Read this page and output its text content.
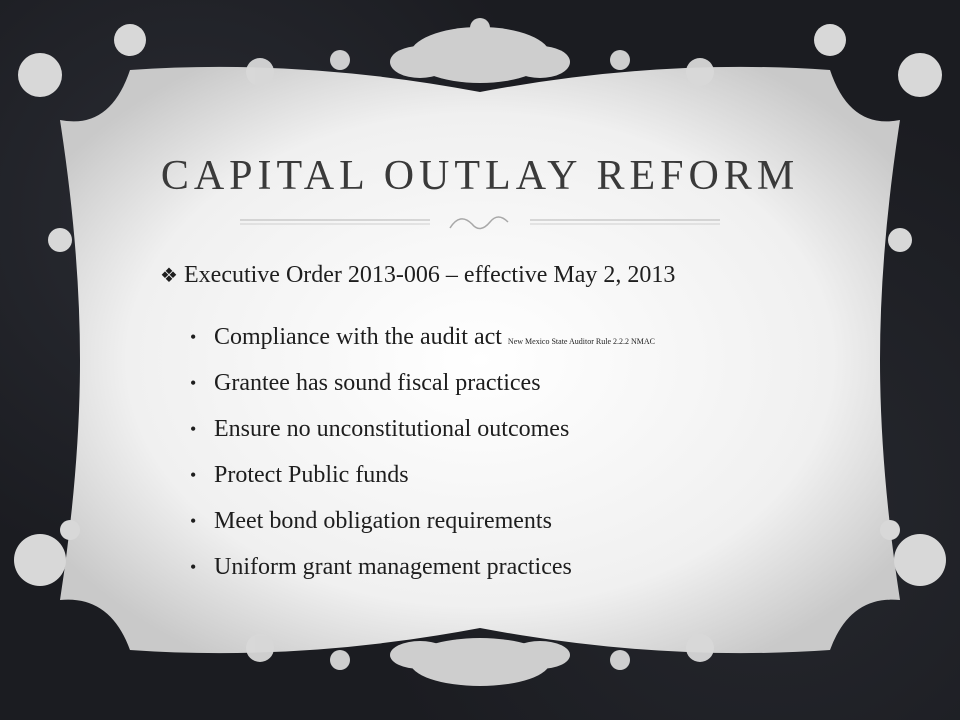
CAPITAL OUTLAY REFORM
❖ Executive Order 2013-006 – effective May 2, 2013
• Compliance with the audit act New Mexico State Auditor Rule 2.2.2 NMAC
• Grantee has sound fiscal practices
• Ensure no unconstitutional outcomes
• Protect Public funds
• Meet bond obligation requirements
• Uniform grant management practices
